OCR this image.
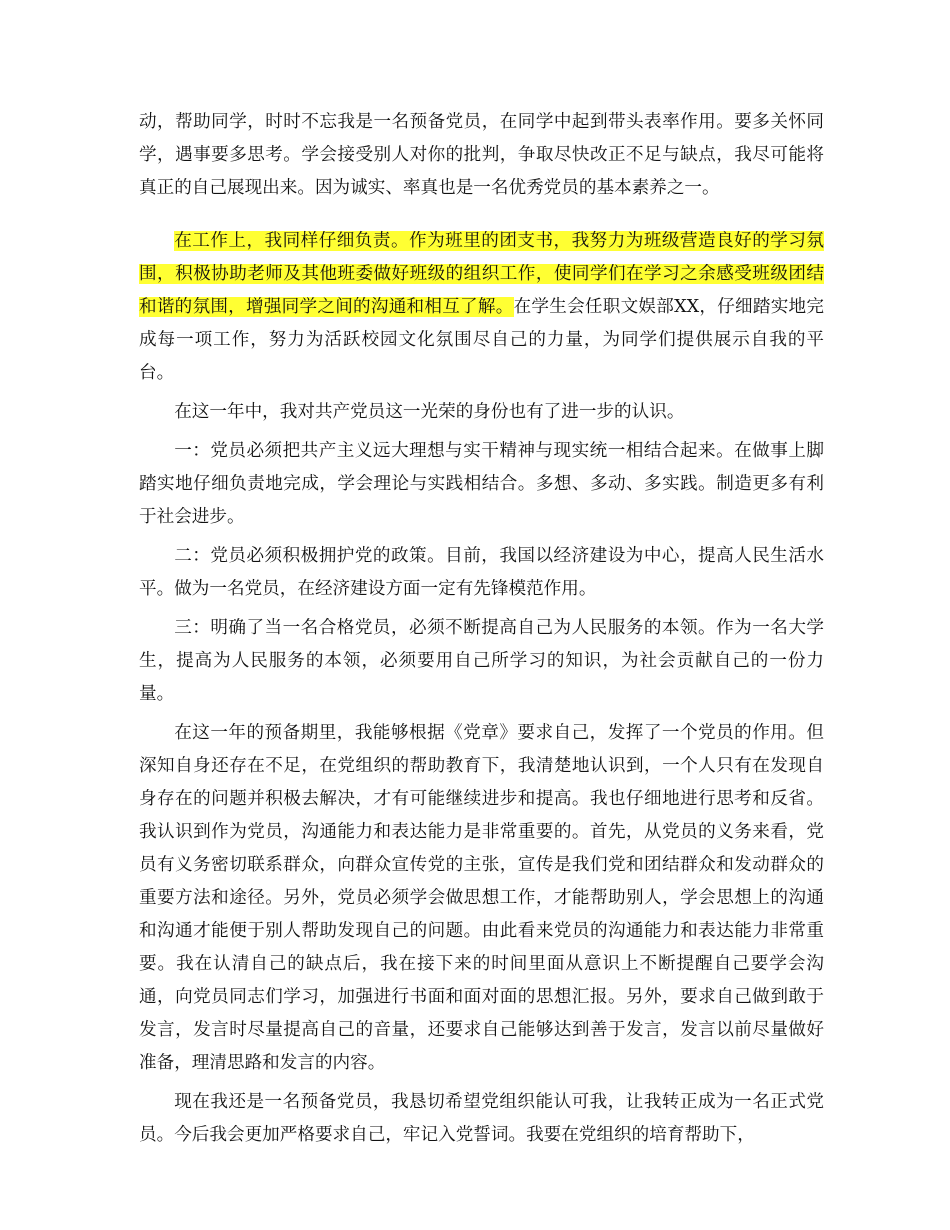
动，帮助同学，时时不忘我是一名预备党员，在同学中起到带头表率作用。要多关怀同学，遇事要多思考。学会接受别人对你的批判，争取尽快改正不足与缺点，我尽可能将真正的自己展现出来。因为诚实、率真也是一名优秀党员的基本素养之一。

在工作上，我同样仔细负责。作为班里的团支书，我努力为班级营造良好的学习氛围，积极协助老师及其他班委做好班级的组织工作，使同学们在学习之余感受班级团结和谐的氛围，增强同学之间的沟通和相互了解。在学生会任职文娱部XX，仔细踏实地完成每一项工作，努力为活跃校园文化氛围尽自己的力量，为同学们提供展示自我的平台。

在这一年中，我对共产党员这一光荣的身份也有了进一步的认识。

一：党员必须把共产主义远大理想与实干精神与现实统一相结合起来。在做事上脚踏实地仔细负责地完成，学会理论与实践相结合。多想、多动、多实践。制造更多有利于社会进步。

二：党员必须积极拥护党的政策。目前，我国以经济建设为中心，提高人民生活水平。做为一名党员，在经济建设方面一定有先锋模范作用。

三：明确了当一名合格党员，必须不断提高自己为人民服务的本领。作为一名大学生，提高为人民服务的本领，必须要用自己所学习的知识，为社会贡献自己的一份力量。

在这一年的预备期里，我能够根据《党章》要求自己，发挥了一个党员的作用。但深知自身还存在不足，在党组织的帮助教育下，我清楚地认识到，一个人只有在发现自身存在的问题并积极去解决，才有可能继续进步和提高。我也仔细地进行思考和反省。我认识到作为党员，沟通能力和表达能力是非常重要的。首先，从党员的义务来看，党员有义务密切联系群众，向群众宣传党的主张，宣传是我们党和团结群众和发动群众的重要方法和途径。另外，党员必须学会做思想工作，才能帮助别人，学会思想上的沟通和沟通才能便于别人帮助发现自己的问题。由此看来党员的沟通能力和表达能力非常重要。我在认清自己的缺点后，我在接下来的时间里面从意识上不断提醒自己要学会沟通，向党员同志们学习，加强进行书面和面对面的思想汇报。另外，要求自己做到敢于发言，发言时尽量提高自己的音量，还要求自己能够达到善于发言，发言以前尽量做好准备，理清思路和发言的内容。

现在我还是一名预备党员，我恳切希望党组织能认可我，让我转正成为一名正式党员。今后我会更加严格要求自己，牢记入党誓词。我要在党组织的培育帮助下，
